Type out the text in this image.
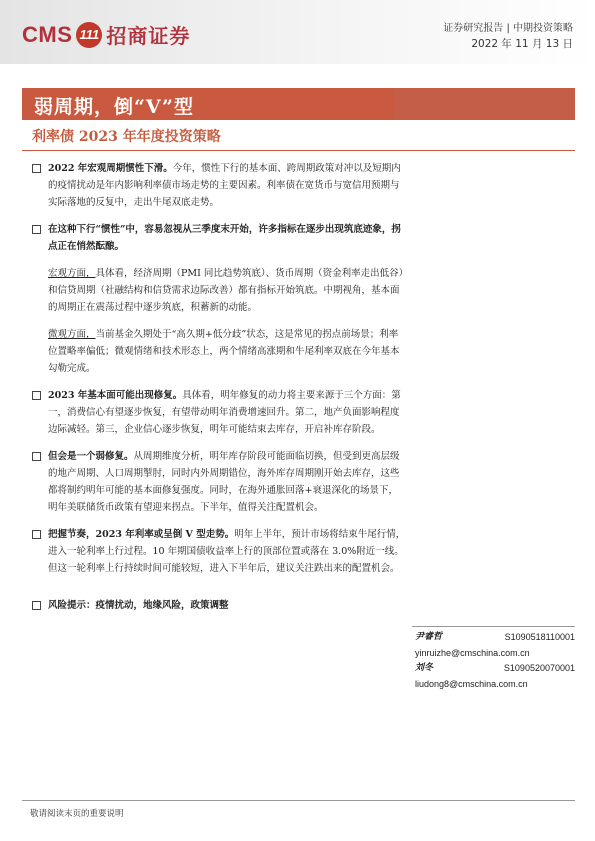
CMS 111 招商证券	证券研究报告 | 中期投资策略
2022 年 11 月 13 日
弱周期，倒“V”型
利率债 2023 年年度投资策略
2022 年宏观周期惯性下滑。今年，惯性下行的基本面、跨周期政策对冲以及短期内的疫情扰动是年内影响利率债市场走势的主要因素。利率债在宽货币与宽信用预期与实际落地的反复中，走出牛尾双底走势。
在这种下行“惯性”中，容易忽视从三季度末开始，许多指标在逐步出现筑底迹象，拐点正在悄然酝酿。
宏观方面，具体看，经济周期（PMI 同比趋势筑底）、货币周期（资金利率走出低谷）和信贷周期（社融结构和信贷需求边际改善）都有指标开始筑底。中期视角，基本面的周期正在震荡过程中逐步筑底，积蓄新的动能。
微观方面，当前基金久期处于“高久期+低分歧”状态，这是常见的拐点前场景；利率位置略率偏低；微观情绪和技术形态上，两个情绪高涨期和牛尾利率双底在今年基本勾勒完成。
2023 年基本面可能出现修复。具体看，明年修复的动力将主要来源于三个方面：第一，消费信心有望逐步恢复，有望带动明年消费增速回升。第二，地产负面影响程度边际减轻。第三，企业信心逐步恢复，明年可能结束去库存，开启补库存阶段。
但会是一个弱修复。从周期维度分析，明年库存阶段可能面临切换，但受到更高层级的地产周期、人口周期掣肘，同时内外周期错位，海外库存周期刚开始去库存，这些都将制约明年可能的基本面修复强度。同时，在海外通胀回落+衰退深化的场景下，明年美联储货币政策有望迎来拐点。下半年，值得关注配置机会。
把握节奏，2023 年利率或呈倒 V 型走势。明年上半年，预计市场将结束牛尾行情，进入一轮利率上行过程。10 年期国债收益率上行的顶部位置或落在 3.0%附近一线。但这一轮利率上行持续时间可能较短，进入下半年后，建议关注跌出来的配置机会。
风险提示：疫情扰动，地缘风险，政策调整
尹睿哲	S1090518110001
yinruizhe@cmschina.com.cn
刘冬	S1090520070001
liudong8@cmschina.com.cn
敬请阅读末页的重要说明
